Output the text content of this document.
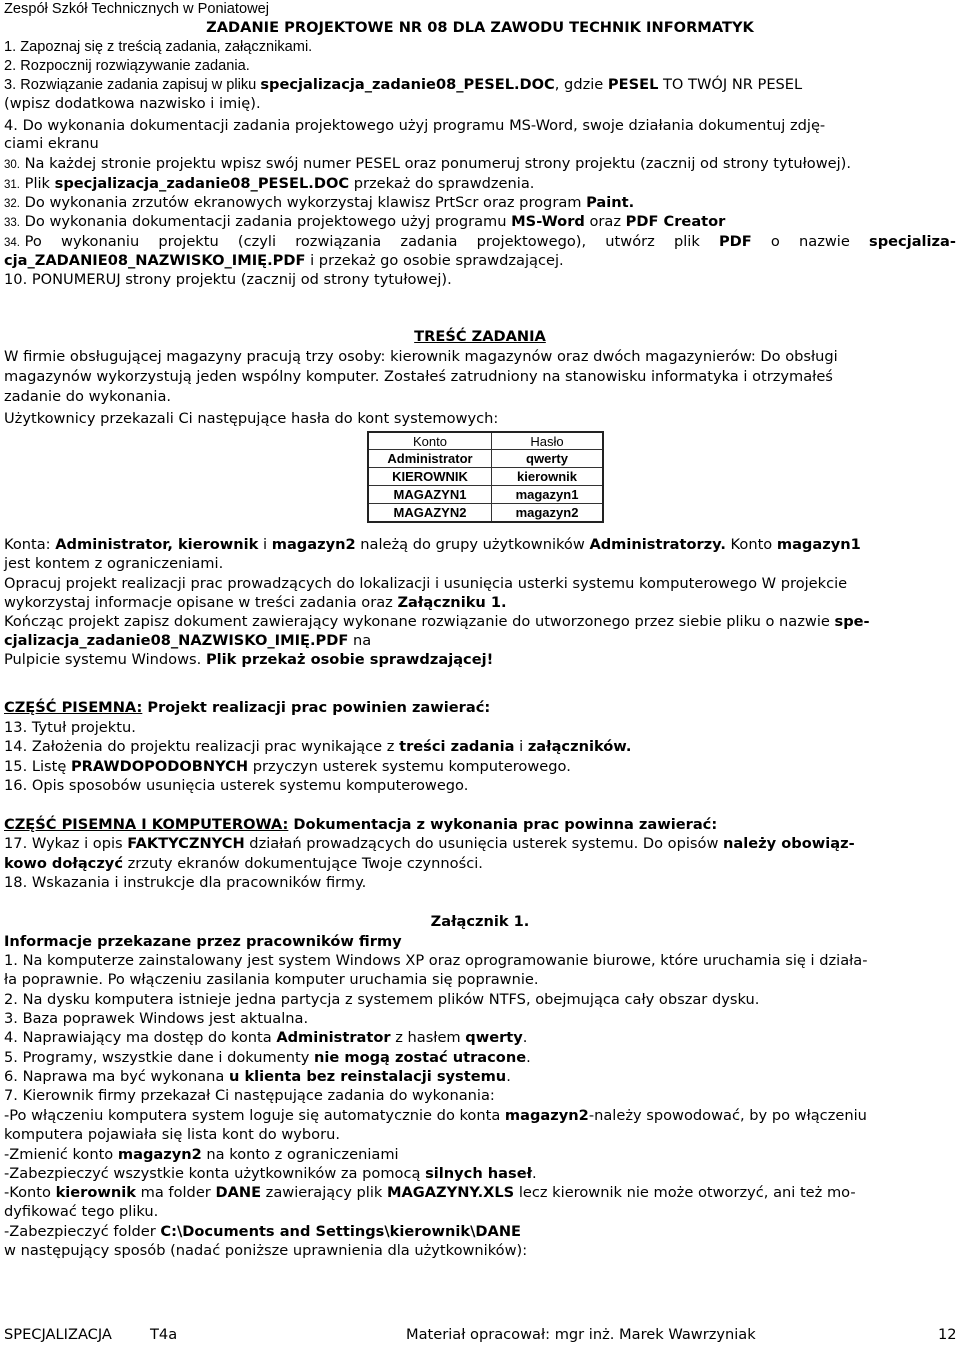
Zespół Szkół Technicznych w Poniatowej
ZADANIE PROJEKTOWE NR 08 DLA ZAWODU TECHNIK INFORMATYK
1. Zapoznaj się z treścią zadania, załącznikami.
2. Rozpocznij rozwiązywanie zadania.
3. Rozwiązanie zadania zapisuj w pliku specjalizacja_zadanie08_PESEL.DOC, gdzie PESEL TO TWÓJ NR PESEL
(wpisz dodatkowa nazwisko i imię).
4. Do wykonania dokumentacji zadania projektowego użyj programu MS-Word, swoje działania dokumentuj zdję-
ciami ekranu
30. Na każdej stronie projektu wpisz swój numer PESEL oraz ponumeruj strony projektu (zacznij od strony tytułowej).
31. Plik specjalizacja_zadanie08_PESEL.DOC przekaż do sprawdzenia.
32. Do wykonania zrzutów ekranowych wykorzystaj klawisz PrtScr oraz program Paint.
33. Do wykonania dokumentacji zadania projektowego użyj programu MS-Word oraz PDF Creator
34. Po wykonaniu projektu (czyli rozwiązania zadania projektowego), utwórz plik PDF o nazwie specjaliza-
cja_ZADANIE08_NAZWISKO_IMIĘ.PDF i przekaż go osobie sprawdzającej.
10. PONUMERUJ strony projektu (zacznij od strony tytułowej).
TREŚĆ ZADANIA
W firmie obsługującej magazyny pracują trzy osoby: kierownik magazynów oraz dwóch magazynierów: Do obsługi
magazynów wykorzystują jeden wspólny komputer. Zostałeś zatrudniony na stanowisku informatyka i otrzymałeś
zadanie do wykonania.
Użytkownicy przekazali Ci następujące hasła do kont systemowych:
Konto	Hasło
Administrator	qwerty
KIEROWNIK	kierownik
MAGAZYN1	magazyn1
MAGAZYN2	magazyn2
Konta: Administrator, kierownik i magazyn2 należą do grupy użytkowników Administratorzy. Konto magazyn1
jest kontem z ograniczeniami.
Opracuj projekt realizacji prac prowadzących do lokalizacji i usunięcia usterki systemu komputerowego W projekcie
wykorzystaj informacje opisane w treści zadania oraz Załączniku 1.
Kończąc projekt zapisz dokument zawierający wykonane rozwiązanie do utworzonego przez siebie pliku o nazwie spe-
cjalizacja_zadanie08_NAZWISKO_IMIĘ.PDF na
Pulpicie systemu Windows. Plik przekaż osobie sprawdzającej!
CZĘŚĆ PISEMNA: Projekt realizacji prac powinien zawierać:
13. Tytuł projektu.
14. Założenia do projektu realizacji prac wynikające z treści zadania i załączników.
15. Listę PRAWDOPODOBNYCH przyczyn usterek systemu komputerowego.
16. Opis sposobów usunięcia usterek systemu komputerowego.
CZĘŚĆ PISEMNA I KOMPUTEROWA: Dokumentacja z wykonania prac powinna zawierać:
17. Wykaz i opis FAKTYCZNYCH działań prowadzących do usunięcia usterek systemu. Do opisów należy obowiąz-
kowo dołączyć zrzuty ekranów dokumentujące Twoje czynności.
18. Wskazania i instrukcje dla pracowników firmy.
Załącznik 1.
Informacje przekazane przez pracowników firmy
1. Na komputerze zainstalowany jest system Windows XP oraz oprogramowanie biurowe, które uruchamia się i działa-
ła poprawnie. Po włączeniu zasilania komputer uruchamia się poprawnie.
2. Na dysku komputera istnieje jedna partycja z systemem plików NTFS, obejmująca cały obszar dysku.
3. Baza poprawek Windows jest aktualna.
4. Naprawiający ma dostęp do konta Administrator z hasłem qwerty.
5. Programy, wszystkie dane i dokumenty nie mogą zostać utracone.
6. Naprawa ma być wykonana u klienta bez reinstalacji systemu.
7. Kierownik firmy przekazał Ci następujące zadania do wykonania:
-Po włączeniu komputera system loguje się automatycznie do konta magazyn2-należy spowodować, by po włączeniu
komputera pojawiała się lista kont do wyboru.
-Zmienić konto magazyn2 na konto z ograniczeniami
-Zabezpieczyć wszystkie konta użytkowników za pomocą silnych haseł.
-Konto kierownik ma folder DANE zawierający plik MAGAZYNY.XLS lecz kierownik nie może otworzyć, ani też mo-
dyfikować tego pliku.
-Zabezpieczyć folder C:\Documents and Settings\kierownik\DANE
w następujący sposób (nadać poniższe uprawnienia dla użytkowników):
SPECJALIZACJA	T4a	Materiał opracował: mgr inż. Marek Wawrzyniak	12
